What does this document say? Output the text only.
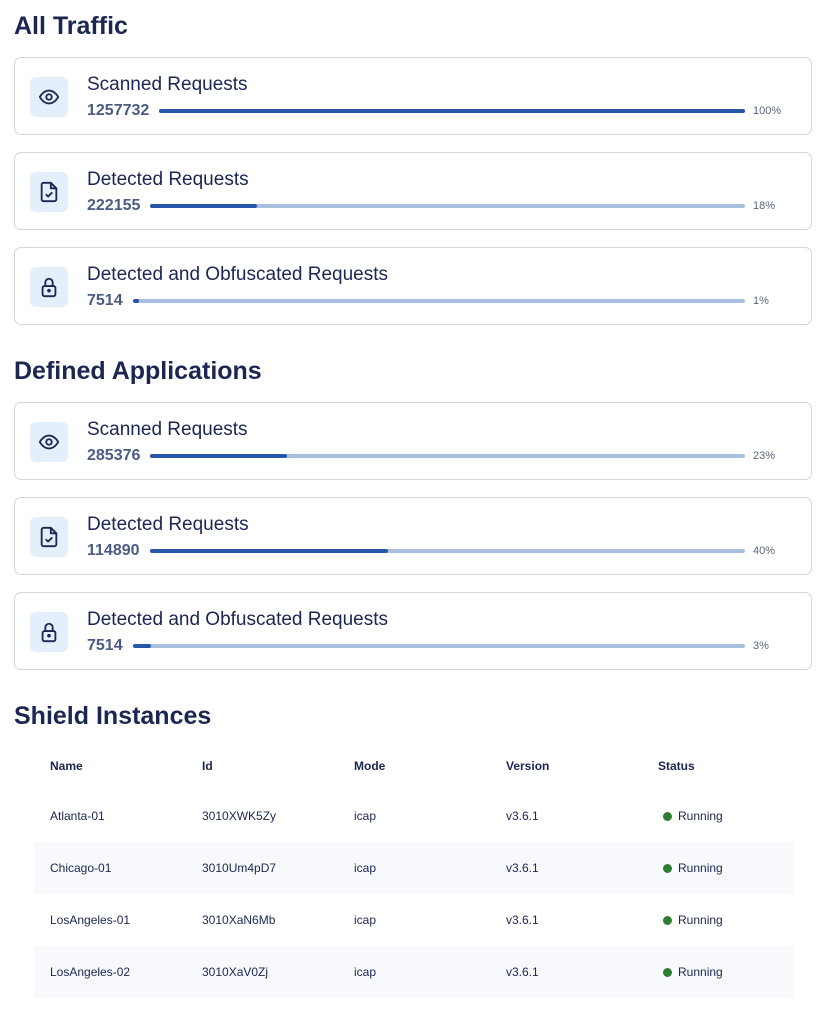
All Traffic
Scanned Requests
1257732	100%
Detected Requests
222155	18%
Detected and Obfuscated Requests
7514	1%
Defined Applications
Scanned Requests
285376	23%
Detected Requests
114890	40%
Detected and Obfuscated Requests
7514	3%
Shield Instances
Name	Id	Mode	Version	Status
Atlanta-01	3010XWK5Zy	icap	v3.6.1	Running
Chicago-01	3010Um4pD7	icap	v3.6.1	Running
LosAngeles-01	3010XaN6Mb	icap	v3.6.1	Running
LosAngeles-02	3010XaV0Zj	icap	v3.6.1	Running
